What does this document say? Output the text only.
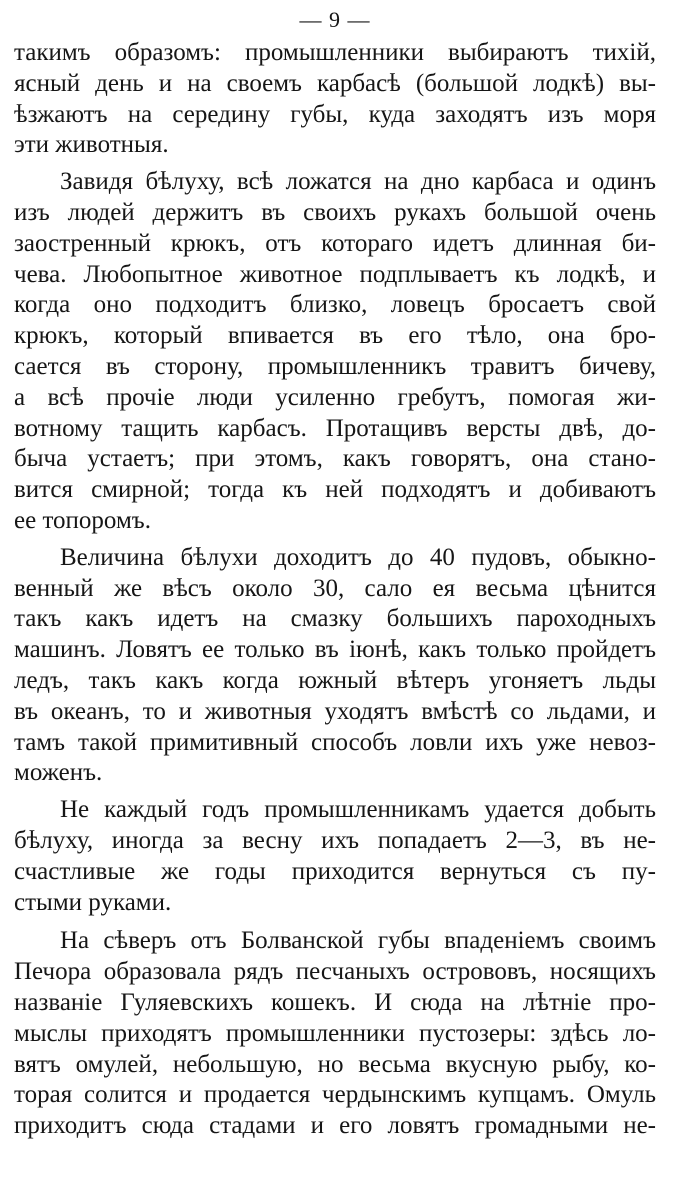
— 9 —
такимъ образомъ: промышленники выбираютъ тихій,
ясный день и на своемъ карбасѣ (большой лодкѣ) вы-
ѣзжаютъ на середину губы, куда заходятъ изъ моря
эти животныя.
Завидя бѣлуху, всѣ ложатся на дно карбаса и одинъ
изъ людей держитъ въ своихъ рукахъ большой очень
заостренный крюкъ, отъ котораго идетъ длинная би-
чева. Любопытное животное подплываетъ къ лодкѣ, и
когда оно подходитъ близко, ловецъ бросаетъ свой
крюкъ, который впивается въ его тѣло, она бро-
сается въ сторону, промышленникъ травитъ бичеву,
а всѣ прочіе люди усиленно гребутъ, помогая жи-
вотному тащить карбасъ. Протащивъ версты двѣ, до-
быча устаетъ; при этомъ, какъ говорятъ, она стано-
вится смирной; тогда къ ней подходятъ и добиваютъ
ее топоромъ.
Величина бѣлухи доходитъ до 40 пудовъ, обыкно-
венный же вѣсъ около 30, сало ея весьма цѣнится
такъ какъ идетъ на смазку большихъ пароходныхъ
машинъ. Ловятъ ее только въ іюнѣ, какъ только пройдетъ
ледъ, такъ какъ когда южный вѣтеръ угоняетъ льды
въ океанъ, то и животныя уходятъ вмѣстѣ со льдами, и
тамъ такой примитивный способъ ловли ихъ уже невоз-
моженъ.
Не каждый годъ промышленникамъ удается добыть
бѣлуху, иногда за весну ихъ попадаетъ 2—3, въ не-
счастливые же годы приходится вернуться съ пу-
стыми руками.
На сѣверъ отъ Болванской губы впаденіемъ своимъ
Печора образовала рядъ песчаныхъ острововъ, носящихъ
названіе Гуляевскихъ кошекъ. И сюда на лѣтніе про-
мыслы приходятъ промышленники пустозеры: здѣсь ло-
вятъ омулей, небольшую, но весьма вкусную рыбу, ко-
торая солится и продается чердынскимъ купцамъ. Омуль
приходитъ сюда стадами и его ловятъ громадными не-
